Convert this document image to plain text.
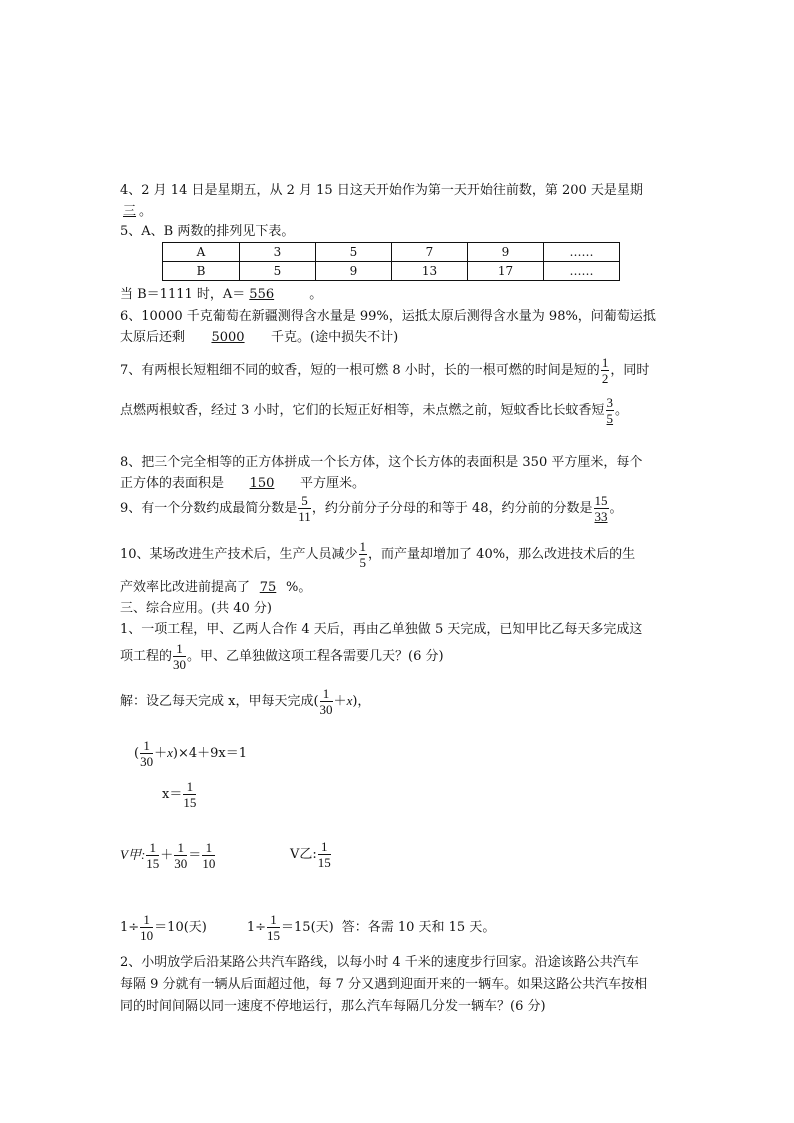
4、2 月 14 日是星期五，从 2 月 15 日这天开始作为第一天开始往前数，第 200 天是星期
三 。
5、A、B 两数的排列见下表。
A	3	5	7	9	……
B	5	9	13	17	……
当 B＝1111 时，A＝ 556	。
6、10000 千克葡萄在新疆测得含水量是 99%，运抵太原后测得含水量为 98%，问葡萄运抵
太原后还剩 5000 千克。(途中损失不计)
7、有两根长短粗细不同的蚊香，短的一根可燃 8 小时，长的一根可燃的时间是短的 $\frac{1}{2}$ ，同时
点燃两根蚊香，经过 3 小时，它们的长短正好相等，未点燃之前，短蚊香比长蚊香短 $\frac{3}{5}$ 。
8、把三个完全相等的正方体拼成一个长方体，这个长方体的表面积是 350 平方厘米，每个
正方体的表面积是 150 平方厘米。
9、有一个分数约成最简分数是 $\frac{5}{11}$ ，约分前分子分母的和等于 48，约分前的分数是 $\frac{15}{33}$ 。
10、某场改进生产技术后，生产人员减少 $\frac{1}{5}$ ，而产量却增加了 40%，那么改进技术后的生
产效率比改进前提高了 75 %。
三、综合应用。(共 40 分)
1、一项工程，甲、乙两人合作 4 天后，再由乙单独做 5 天完成，已知甲比乙每天多完成这
项工程的 $\frac{1}{30}$ 。甲、乙单独做这项工程各需要几天？(6 分)
解：设乙每天完成 x，甲每天完成( $\frac{1}{30} +x$)，
( $\frac{1}{30} +x)\times 4+9x=1$
$x= \frac{1}{15}$
V甲: $\frac{1}{15} + \frac{1}{30} = \frac{1}{10}$	V乙: $\frac{1}{15}$
$1\div \frac{1}{10} =10$(天)	$1\div \frac{1}{15} =15$(天) 答：各需 10 天和 15 天。
2、小明放学后沿某路公共汽车路线，以每小时 4 千米的速度步行回家。沿途该路公共汽车
每隔 9 分就有一辆从后面超过他，每 7 分又遇到迎面开来的一辆车。如果这路公共汽车按相
同的时间间隔以同一速度不停地运行，那么汽车每隔几分发一辆车？(6 分)
